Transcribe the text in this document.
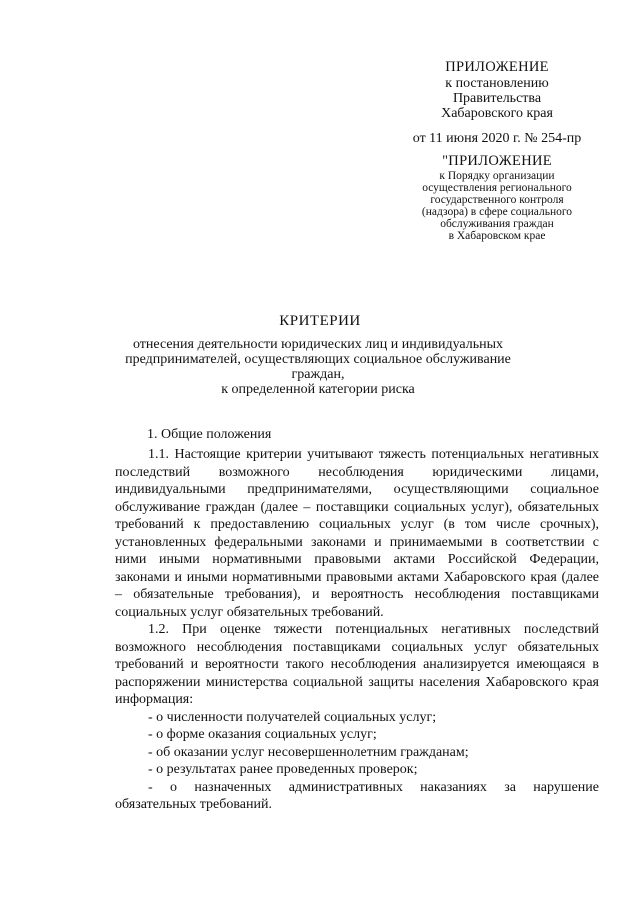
ПРИЛОЖЕНИЕ
к постановлению
Правительства
Хабаровского края
от 11 июня 2020 г. № 254-пр
"ПРИЛОЖЕНИЕ
к Порядку организации
осуществления регионального
государственного контроля
(надзора) в сфере социального
обслуживания граждан
в Хабаровском крае
КРИТЕРИИ
отнесения деятельности юридических лиц и индивидуальных
предпринимателей, осуществляющих социальное обслуживание граждан,
к определенной категории риска
1. Общие положения

1.1. Настоящие критерии учитывают тяжесть потенциальных негативных последствий возможного несоблюдения юридическими лицами, индивидуальными предпринимателями, осуществляющими социальное обслуживание граждан (далее – поставщики социальных услуг), обязательных требований к предоставлению социальных услуг (в том числе срочных), установленных федеральными законами и принимаемыми в соответствии с ними иными нормативными правовыми актами Российской Федерации, законами и иными нормативными правовыми актами Хабаровского края (далее – обязательные требования), и вероятность несоблюдения поставщиками социальных услуг обязательных требований.

1.2. При оценке тяжести потенциальных негативных последствий возможного несоблюдения поставщиками социальных услуг обязательных требований и вероятности такого несоблюдения анализируется имеющаяся в распоряжении министерства социальной защиты населения Хабаровского края информация:

- о численности получателей социальных услуг;

- о форме оказания социальных услуг;

- об оказании услуг несовершеннолетним гражданам;

- о результатах ранее проведенных проверок;

- о назначенных административных наказаниях за нарушение обязательных требований.
